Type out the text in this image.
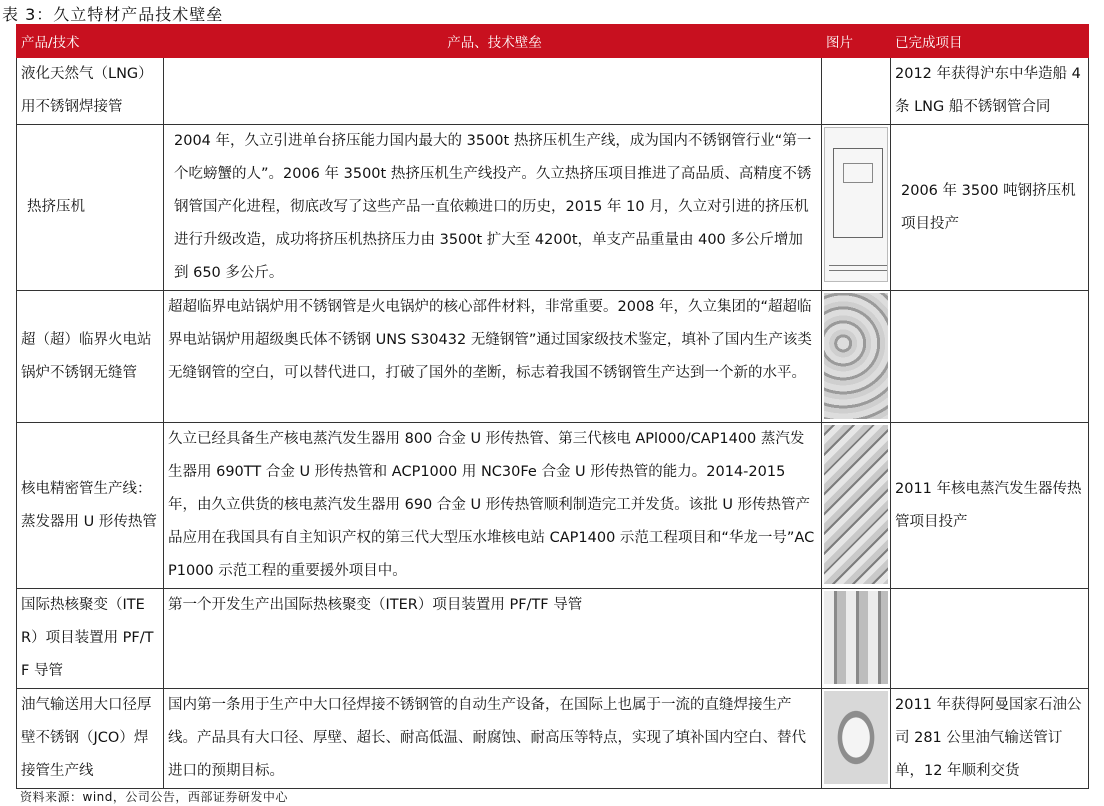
表 3：久立特材产品技术壁垒
产品/技术	产品、技术壁垒	图片	已完成项目
液化天然气（LNG）用不锈钢焊接管			2012 年获得沪东中华造船 4 条 LNG 船不锈钢管合同
热挤压机	2004 年，久立引进单台挤压能力国内最大的 3500t 热挤压机生产线，成为国内不锈钢管行业“第一个吃螃蟹的人”。2006 年 3500t 热挤压机生产线投产。久立热挤压项目推进了高品质、高精度不锈钢管国产化进程，彻底改写了这些产品一直依赖进口的历史，2015 年 10 月，久立对引进的挤压机进行升级改造，成功将挤压机热挤压力由 3500t 扩大至 4200t，单支产品重量由 400 多公斤增加到 650 多公斤。		2006 年 3500 吨钢挤压机项目投产
超（超）临界火电站锅炉不锈钢无缝管	超超临界电站锅炉用不锈钢管是火电锅炉的核心部件材料，非常重要。2008 年，久立集团的“超超临界电站锅炉用超级奥氏体不锈钢 UNS S30432 无缝钢管”通过国家级技术鉴定，填补了国内生产该类无缝钢管的空白，可以替代进口，打破了国外的垄断，标志着我国不锈钢管生产达到一个新的水平。	

核电精密管生产线：蒸发器用 U 形传热管	久立已经具备生产核电蒸汽发生器用 800 合金 U 形传热管、第三代核电 APl000/CAP1400 蒸汽发生器用 690TT 合金 U 形传热管和 ACP1000 用 NC30Fe 合金 U 形传热管的能力。2014-2015 年，由久立供货的核电蒸汽发生器用 690 合金 U 形传热管顺利制造完工并发货。该批 U 形传热管产品应用在我国具有自主知识产权的第三代大型压水堆核电站 CAP1400 示范工程项目和“华龙一号”ACP1000 示范工程的重要援外项目中。		2011 年核电蒸汽发生器传热管项目投产
国际热核聚变（ITER）项目装置用 PF/TF 导管	第一个开发生产出国际热核聚变（ITER）项目装置用 PF/TF 导管	

油气输送用大口径厚壁不锈钢（JCO）焊接管生产线	国内第一条用于生产中大口径焊接不锈钢管的自动生产设备，在国际上也属于一流的直缝焊接生产线。产品具有大口径、厚壁、超长、耐高低温、耐腐蚀、耐高压等特点，实现了填补国内空白、替代进口的预期目标。		2011 年获得阿曼国家石油公司 281 公里油气输送管订单，12 年顺利交货
资料来源：wind，公司公告，西部证券研发中心
